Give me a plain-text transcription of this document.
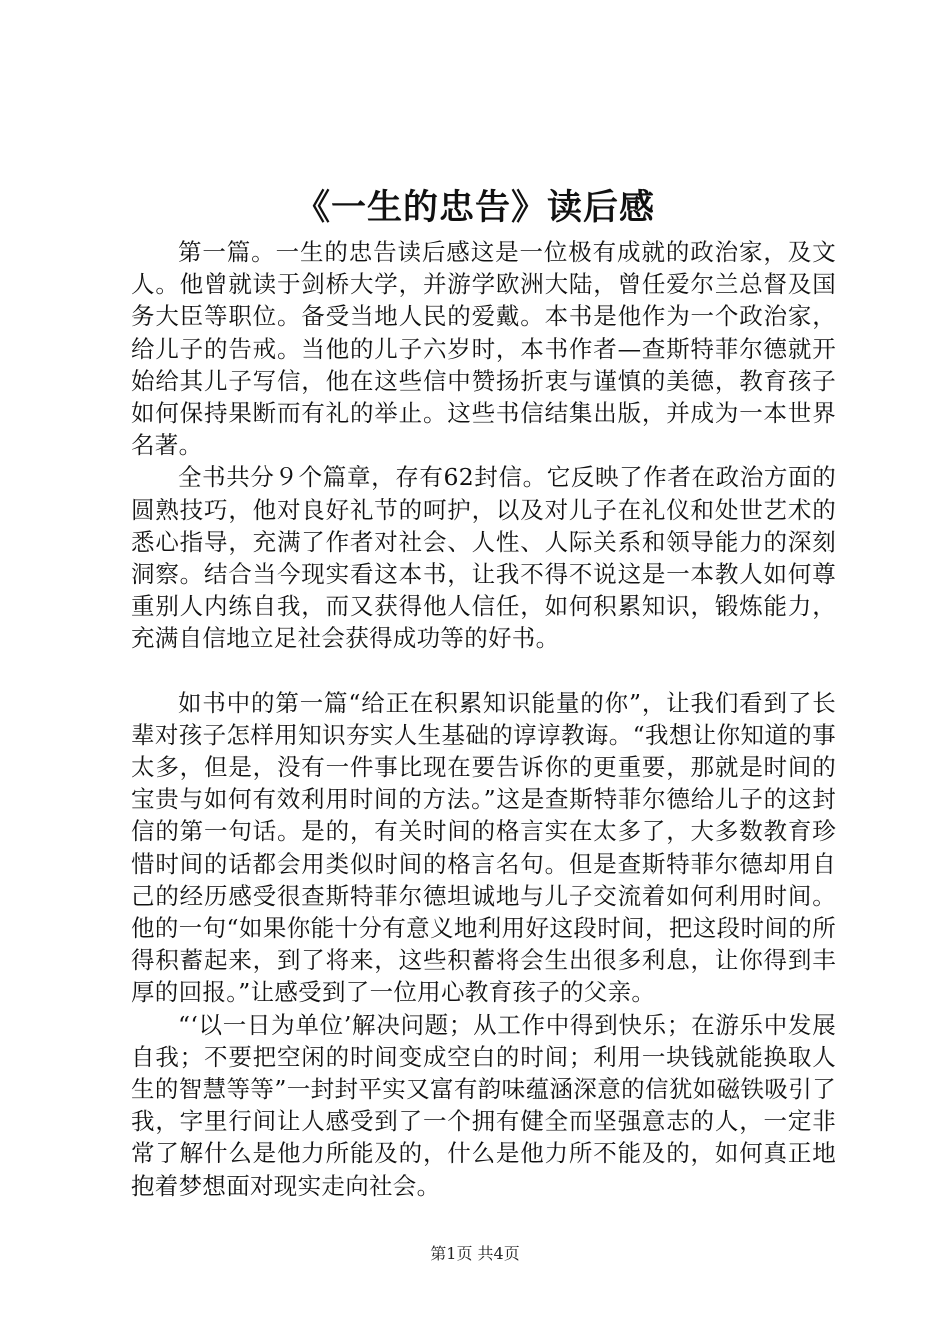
《一生的忠告》读后感

第一篇。一生的忠告读后感这是一位极有成就的政治家，及文人。他曾就读于剑桥大学，并游学欧洲大陆，曾任爱尔兰总督及国务大臣等职位。备受当地人民的爱戴。本书是他作为一个政治家，给儿子的告戒。当他的儿子六岁时，本书作者—查斯特菲尔德就开始给其儿子写信，他在这些信中赞扬折衷与谨慎的美德，教育孩子如何保持果断而有礼的举止。这些书信结集出版，并成为一本世界名著。

全书共分９个篇章，存有62封信。它反映了作者在政治方面的圆熟技巧，他对良好礼节的呵护，以及对儿子在礼仪和处世艺术的悉心指导，充满了作者对社会、人性、人际关系和领导能力的深刻洞察。结合当今现实看这本书，让我不得不说这是一本教人如何尊重别人内练自我，而又获得他人信任，如何积累知识，锻炼能力，充满自信地立足社会获得成功等的好书。

如书中的第一篇“给正在积累知识能量的你”，让我们看到了长辈对孩子怎样用知识夯实人生基础的谆谆教诲。“我想让你知道的事太多，但是，没有一件事比现在要告诉你的更重要，那就是时间的宝贵与如何有效利用时间的方法。”这是查斯特菲尔德给儿子的这封信的第一句话。是的，有关时间的格言实在太多了，大多数教育珍惜时间的话都会用类似时间的格言名句。但是查斯特菲尔德却用自己的经历感受很查斯特菲尔德坦诚地与儿子交流着如何利用时间。他的一句“如果你能十分有意义地利用好这段时间，把这段时间的所得积蓄起来，到了将来，这些积蓄将会生出很多利息，让你得到丰厚的回报。”让感受到了一位用心教育孩子的父亲。

“‘以一日为单位’解决问题；从工作中得到快乐；在游乐中发展自我；不要把空闲的时间变成空白的时间；利用一块钱就能换取人生的智慧等等”一封封平实又富有韵味蕴涵深意的信犹如磁铁吸引了我，字里行间让人感受到了一个拥有健全而坚强意志的人，一定非常了解什么是他力所能及的，什么是他力所不能及的，如何真正地抱着梦想面对现实走向社会。

第1页 共4页
